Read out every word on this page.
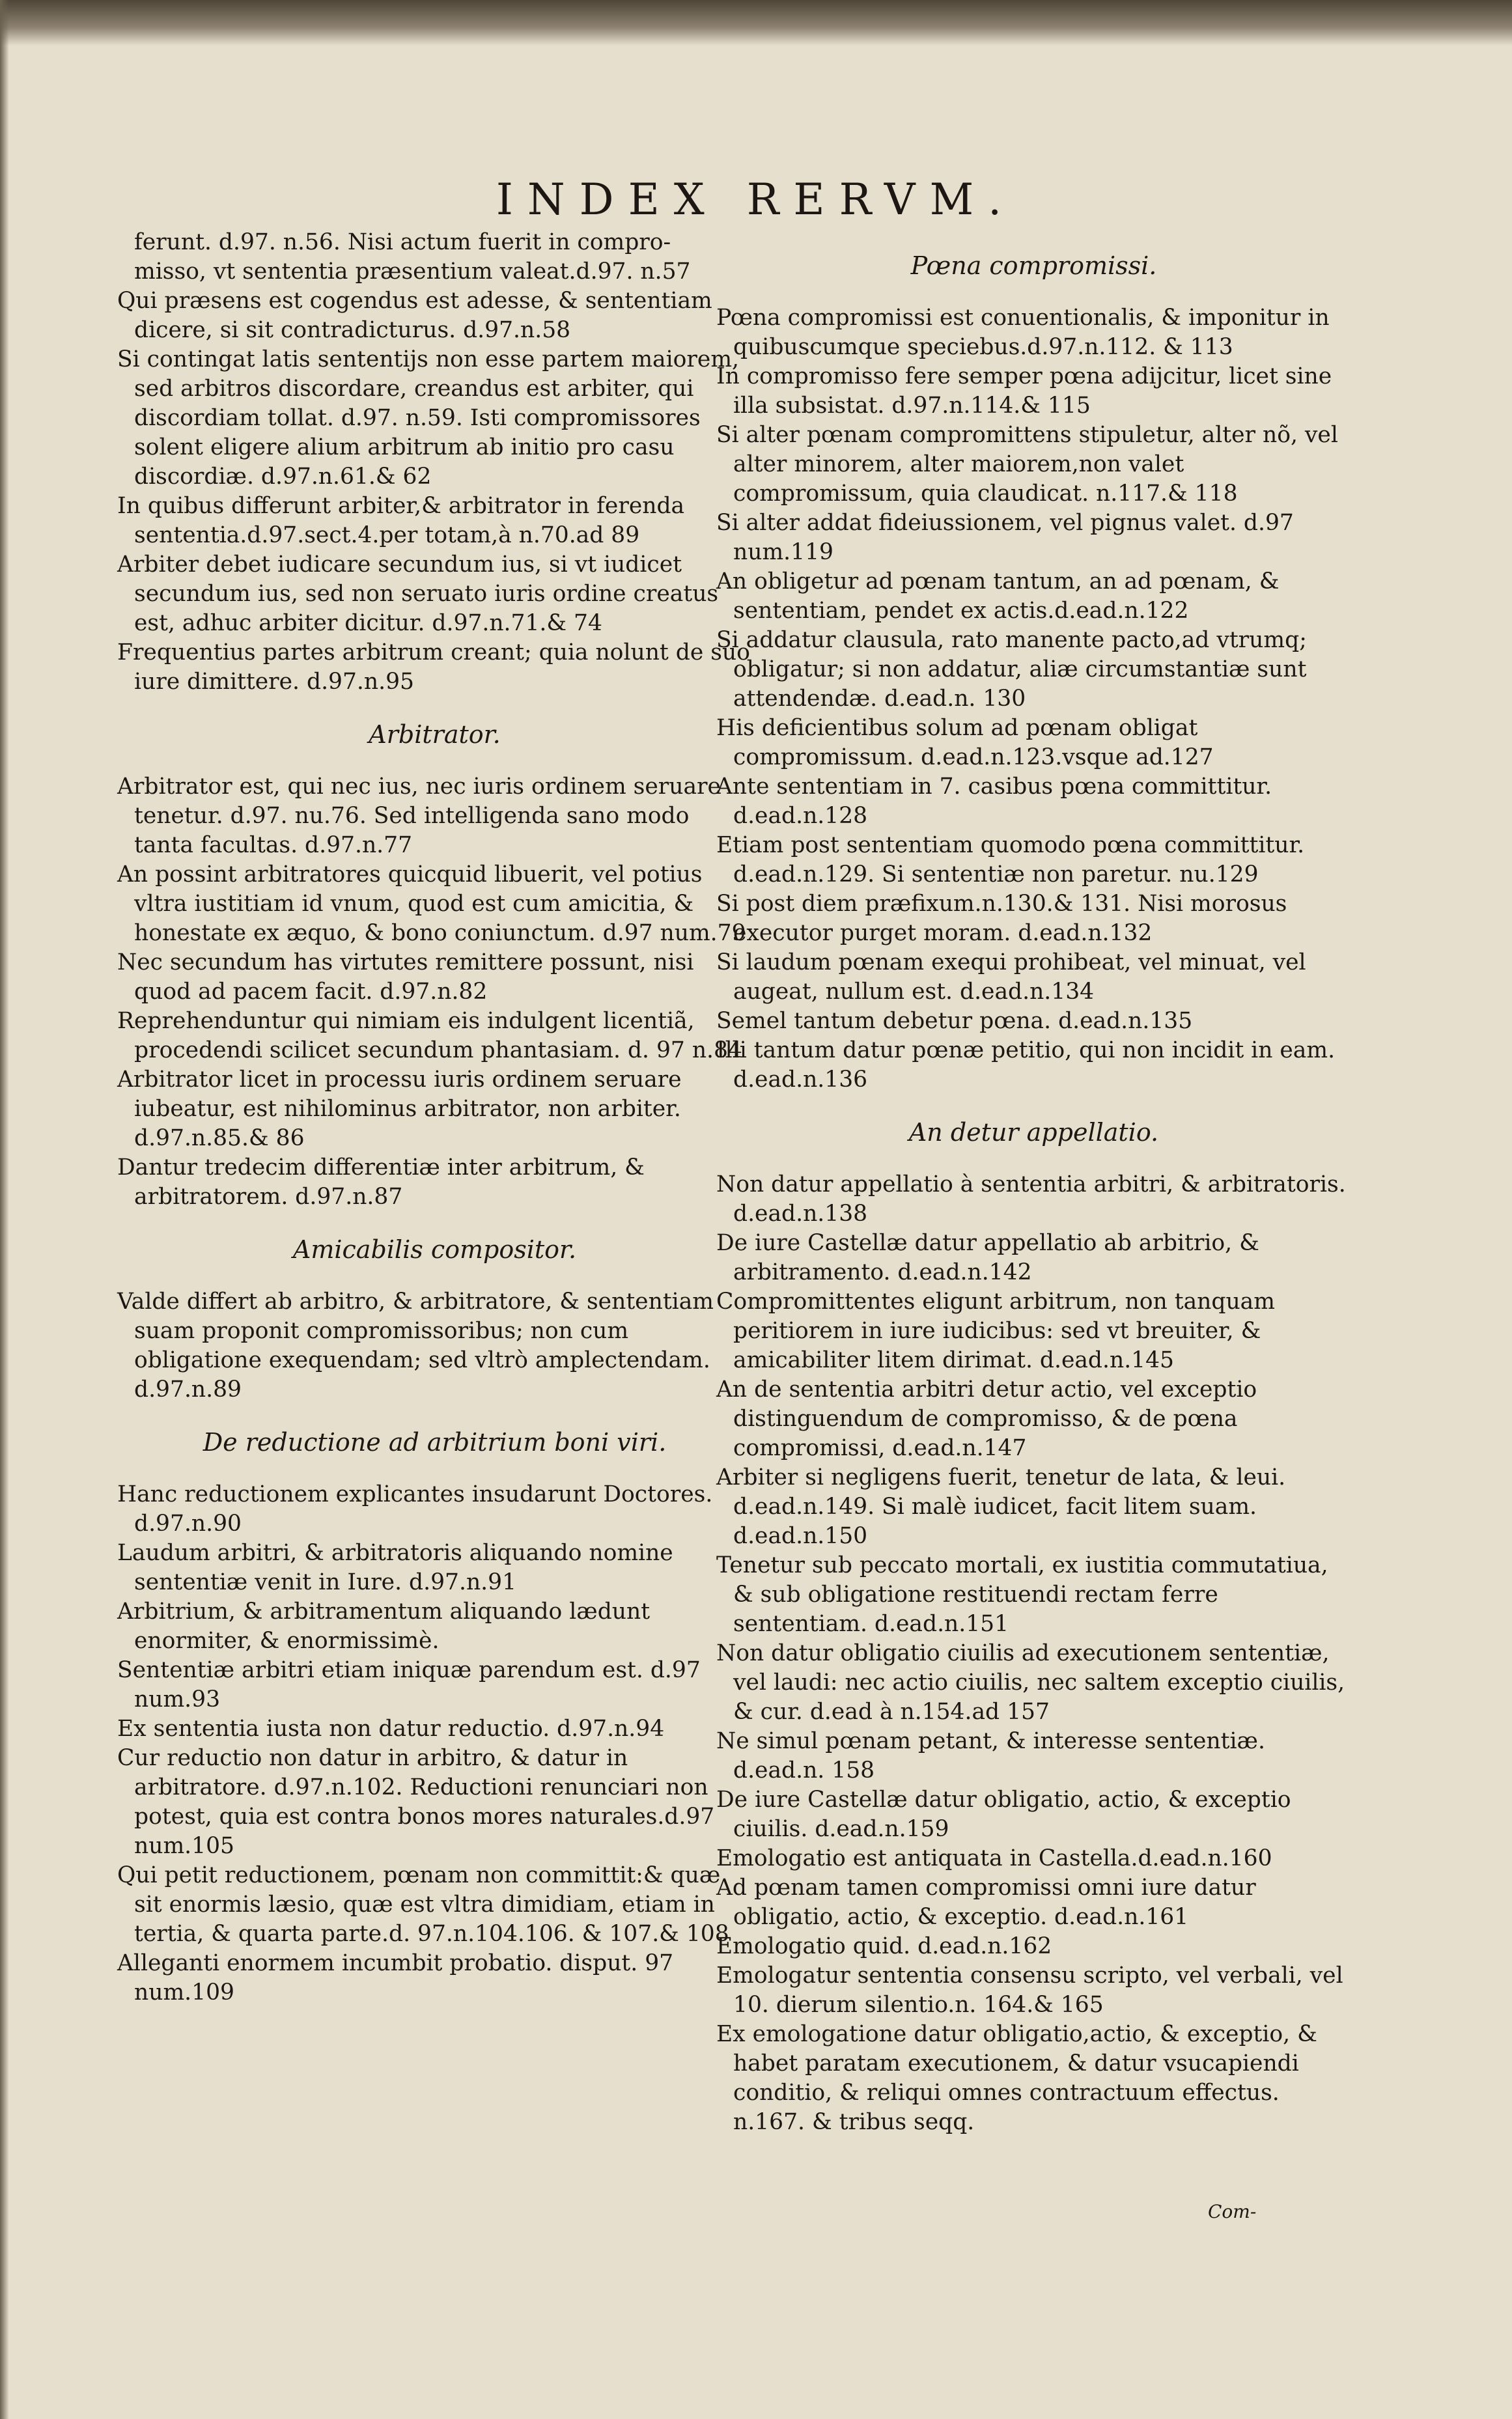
INDEX RERVM.

ferunt. d.97. n.56. Nisi actum fuerit in compro-

misso, vt sententia præsentium valeat.d.97. n.57

Qui præsens est cogendus est adesse, & sententiam dicere, si sit contradicturus. d.97.n.58

Si contingat latis sententijs non esse partem maiorem, sed arbitros discordare, creandus est arbiter, qui discordiam tollat. d.97. n.59. Isti compromissores solent eligere alium arbitrum ab initio pro casu discordiæ. d.97.n.61.& 62

In quibus differunt arbiter,& arbitrator in ferenda sententia.d.97.sect.4.per totam,à n.70.ad 89

Arbiter debet iudicare secundum ius, si vt iudicet secundum ius, sed non seruato iuris ordine creatus est, adhuc arbiter dicitur. d.97.n.71.& 74

Frequentius partes arbitrum creant; quia nolunt de suo iure dimittere. d.97.n.95

Arbitrator.

Arbitrator est, qui nec ius, nec iuris ordinem seruare tenetur. d.97. nu.76. Sed intelligenda sano modo tanta facultas. d.97.n.77

An possint arbitratores quicquid libuerit, vel potius vltra iustitiam id vnum, quod est cum amicitia, & honestate ex æquo, & bono coniunctum. d.97 num.79

Nec secundum has virtutes remittere possunt, nisi quod ad pacem facit. d.97.n.82

Reprehenduntur qui nimiam eis indulgent licentiã, procedendi scilicet secundum phantasiam. d. 97 n.84

Arbitrator licet in processu iuris ordinem seruare iubeatur, est nihilominus arbitrator, non arbiter. d.97.n.85.& 86

Dantur tredecim differentiæ inter arbitrum, & arbitratorem. d.97.n.87

Amicabilis compositor.

Valde differt ab arbitro, & arbitratore, & sententiam suam proponit compromissoribus; non cum obligatione exequendam; sed vltrò amplectendam. d.97.n.89

De reductione ad arbitrium boni viri.

Hanc reductionem explicantes insudarunt Doctores. d.97.n.90

Laudum arbitri, & arbitratoris aliquando nomine sententiæ venit in Iure. d.97.n.91

Arbitrium, & arbitramentum aliquando lædunt enormiter, & enormissimè.

Sententiæ arbitri etiam iniquæ parendum est. d.97 num.93

Ex sententia iusta non datur reductio. d.97.n.94

Cur reductio non datur in arbitro, & datur in arbitratore. d.97.n.102. Reductioni renunciari non potest, quia est contra bonos mores naturales.d.97 num.105

Qui petit reductionem, pœnam non committit:& quæ sit enormis læsio, quæ est vltra dimidiam, etiam in tertia, & quarta parte.d. 97.n.104.106. & 107.& 108

Alleganti enormem incumbit probatio. disput. 97 num.109

Pœna compromissi.

Pœna compromissi est conuentionalis, & imponitur in quibuscumque speciebus.d.97.n.112. & 113

In compromisso fere semper pœna adijcitur, licet sine illa subsistat. d.97.n.114.& 115

Si alter pœnam compromittens stipuletur, alter nõ, vel alter minorem, alter maiorem,non valet compromissum, quia claudicat. n.117.& 118

Si alter addat fideiussionem, vel pignus valet. d.97 num.119

An obligetur ad pœnam tantum, an ad pœnam, & sententiam, pendet ex actis.d.ead.n.122

Si addatur clausula, rato manente pacto,ad vtrumq; obligatur; si non addatur, aliæ circumstantiæ sunt attendendæ. d.ead.n. 130

His deficientibus solum ad pœnam obligat compromissum. d.ead.n.123.vsque ad.127

Ante sententiam in 7. casibus pœna committitur. d.ead.n.128

Etiam post sententiam quomodo pœna committitur. d.ead.n.129. Si sententiæ non paretur. nu.129

Si post diem præfixum.n.130.& 131. Nisi morosus executor purget moram. d.ead.n.132

Si laudum pœnam exequi prohibeat, vel minuat, vel augeat, nullum est. d.ead.n.134

Semel tantum debetur pœna. d.ead.n.135

Illi tantum datur pœnæ petitio, qui non incidit in eam. d.ead.n.136

An detur appellatio.

Non datur appellatio à sententia arbitri, & arbitratoris. d.ead.n.138

De iure Castellæ datur appellatio ab arbitrio, & arbitramento. d.ead.n.142

Compromittentes eligunt arbitrum, non tanquam peritiorem in iure iudicibus: sed vt breuiter, & amicabiliter litem dirimat. d.ead.n.145

An de sententia arbitri detur actio, vel exceptio distinguendum de compromisso, & de pœna compromissi, d.ead.n.147

Arbiter si negligens fuerit, tenetur de lata, & leui. d.ead.n.149. Si malè iudicet, facit litem suam. d.ead.n.150

Tenetur sub peccato mortali, ex iustitia commutatiua, & sub obligatione restituendi rectam ferre sententiam. d.ead.n.151

Non datur obligatio ciuilis ad executionem sententiæ, vel laudi: nec actio ciuilis, nec saltem exceptio ciuilis, & cur. d.ead à n.154.ad 157

Ne simul pœnam petant, & interesse sententiæ. d.ead.n. 158

De iure Castellæ datur obligatio, actio, & exceptio ciuilis. d.ead.n.159

Emologatio est antiquata in Castella.d.ead.n.160

Ad pœnam tamen compromissi omni iure datur obligatio, actio, & exceptio. d.ead.n.161

Emologatio quid. d.ead.n.162

Emologatur sententia consensu scripto, vel verbali, vel 10. dierum silentio.n. 164.& 165

Ex emologatione datur obligatio,actio, & exceptio, & habet paratam executionem, & datur vsucapiendi conditio, & reliqui omnes contractuum effectus. n.167. & tribus seqq.

Com-
